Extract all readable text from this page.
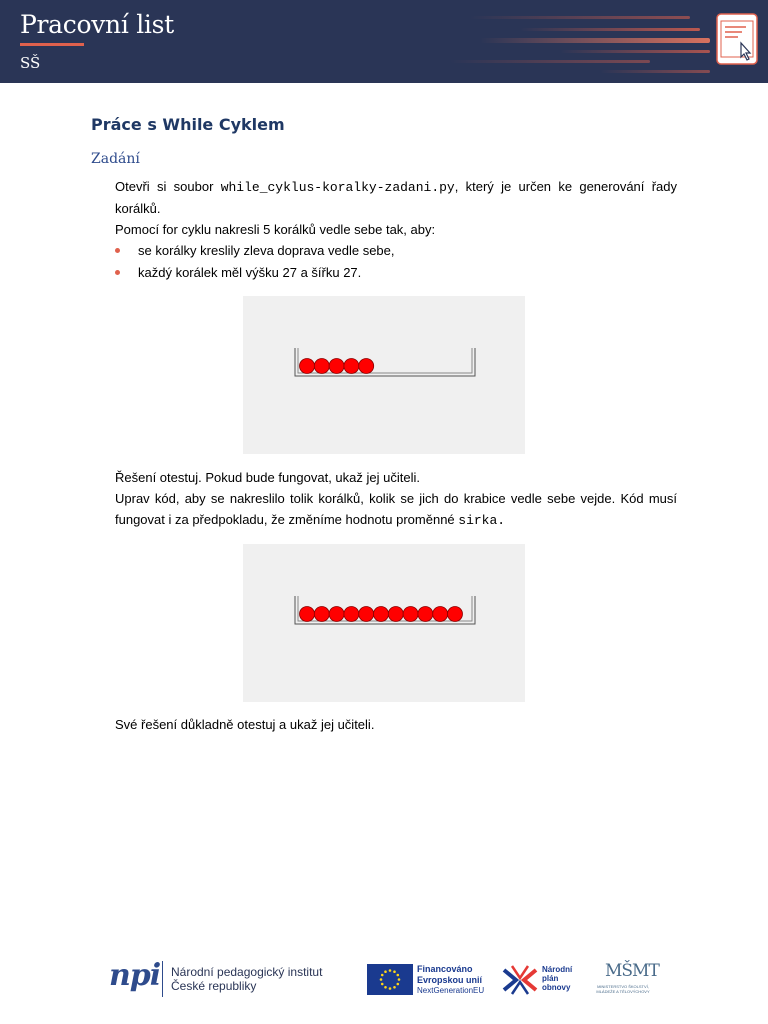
Pracovní list
SŠ
Práce s While Cyklem
Zadání
Otevři si soubor while_cyklus-koralky-zadani.py, který je určen ke generování řady korálků.
Pomocí for cyklu nakresli 5 korálků vedle sebe tak, aby:
se korálky kreslily zleva doprava vedle sebe,
každý korálek měl výšku 27 a šířku 27.
Řešení otestuj. Pokud bude fungovat, ukaž jej učiteli.
Uprav kód, aby se nakreslilo tolik korálků, kolik se jich do krabice vedle sebe vejde. Kód musí fungovat i za předpokladu, že změníme hodnotu proměnné sirka.
Své řešení důkladně otestuj a ukaž jej učiteli.
npi Národní pedagogický institut
České republiky
Financováno
Evropskou unií
NextGenerationEU
Národní
plán
obnovy
MŠMT
MINISTERSTVO ŠKOLSTVÍ,
MLÁDEŽE A TĚLOVÝCHOVY
